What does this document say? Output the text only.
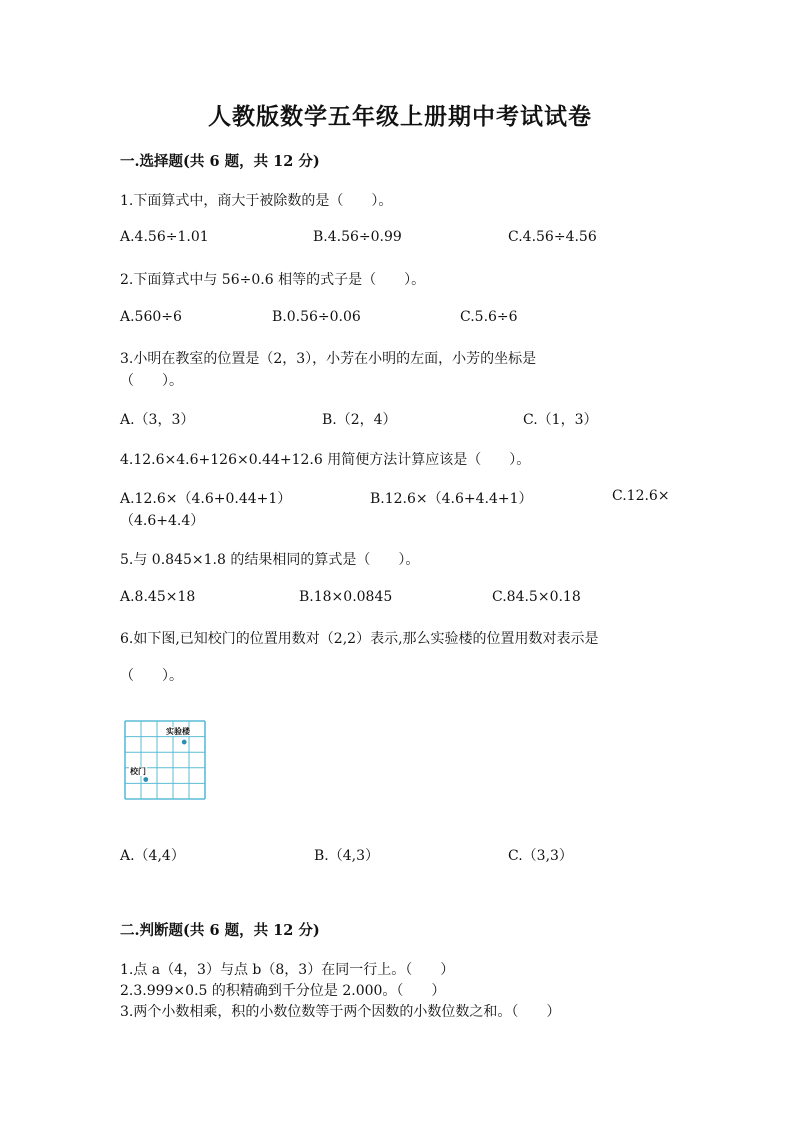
人教版数学五年级上册期中考试试卷
一.选择题(共 6 题，共 12 分)
1.下面算式中，商大于被除数的是（　　）。
A.4.56÷1.01	B.4.56÷0.99	C.4.56÷4.56
2.下面算式中与 56÷0.6 相等的式子是（　　）。
A.560÷6	B.0.56÷0.06	C.5.6÷6
3.小明在教室的位置是（2，3），小芳在小明的左面，小芳的坐标是
（　　）。
A.（3，3）	B.（2，4）	C.（1，3）
4.12.6×4.6+126×0.44+12.6 用简便方法计算应该是（　　）。
A.12.6×（4.6+0.44+1）	B.12.6×（4.6+4.4+1）	C.12.6×
（4.6+4.4）
5.与 0.845×1.8 的结果相同的算式是（　　）。
A.8.45×18	B.18×0.0845	C.84.5×0.18
6.如下图,已知校门的位置用数对（2,2）表示,那么实验楼的位置用数对表示是
（　　）。
实验楼
校门
A.（4,4）	B.（4,3）	C.（3,3）
二.判断题(共 6 题，共 12 分)
1.点 a（4，3）与点 b（8，3）在同一行上。（　　）
2.3.999×0.5 的积精确到千分位是 2.000。（　　）
3.两个小数相乘，积的小数位数等于两个因数的小数位数之和。（　　）
